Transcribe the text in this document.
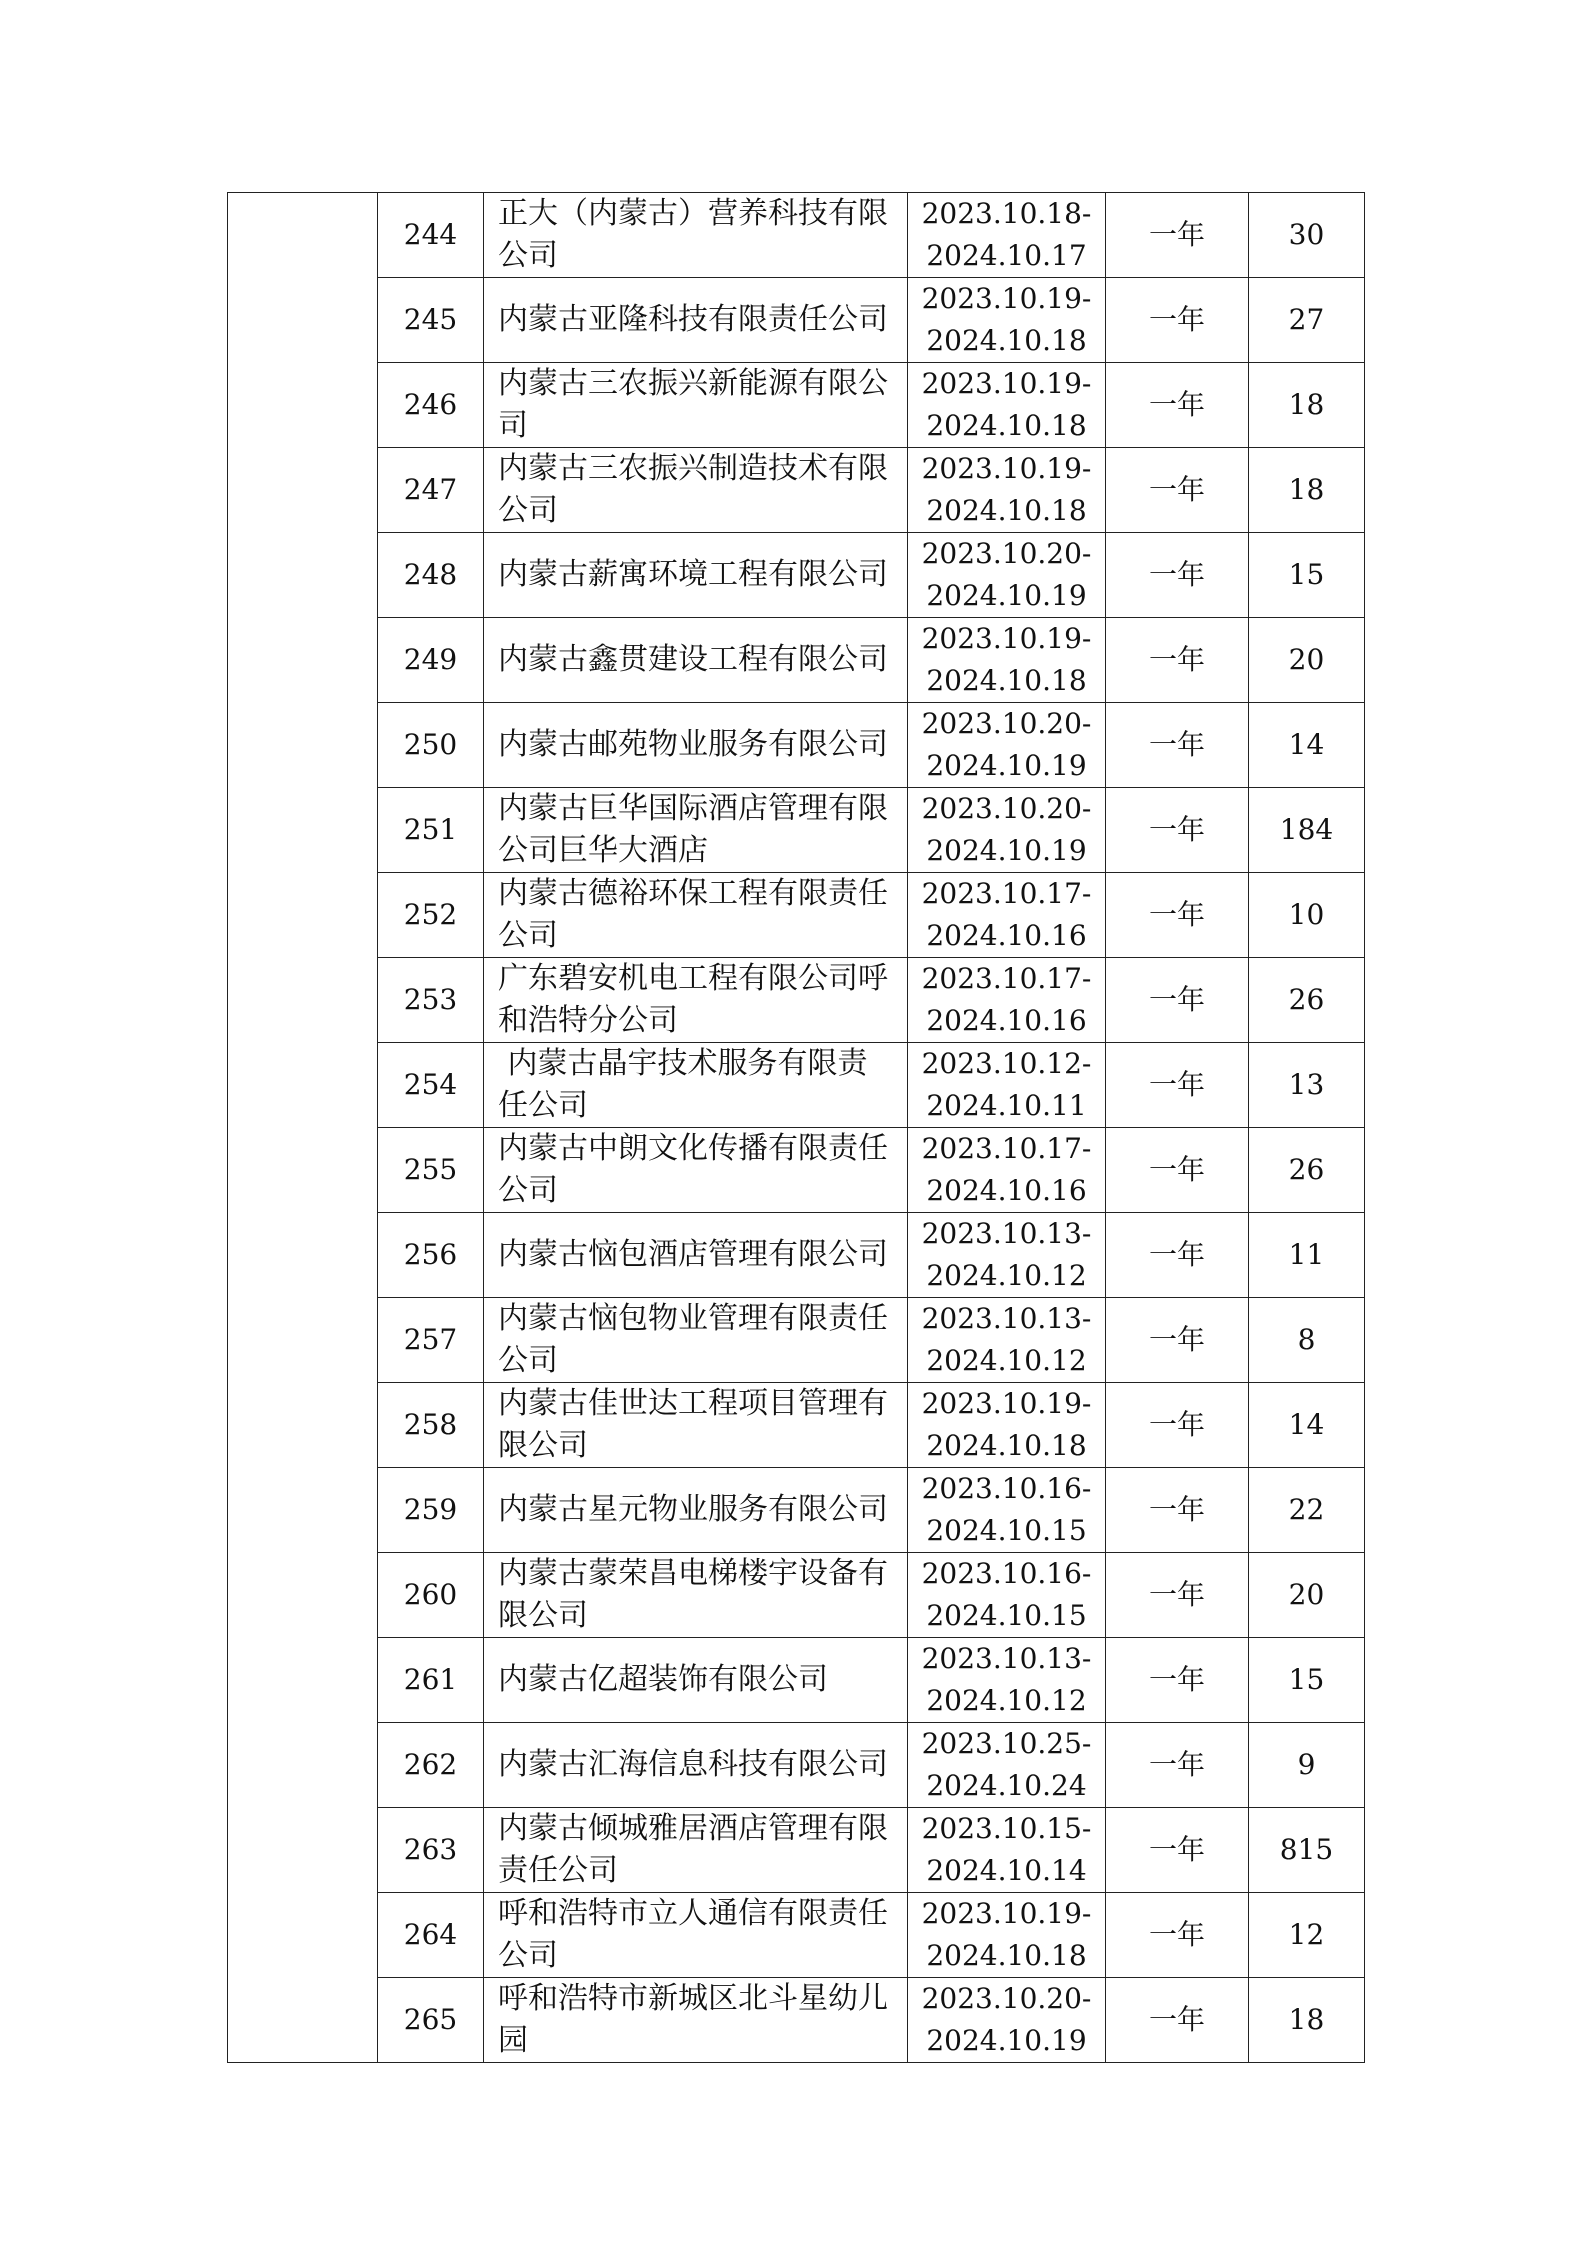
	244	正大（内蒙古）营养科技有限公司	2023.10.18-
2024.10.17	一年	30
	245	内蒙古亚隆科技有限责任公司	2023.10.19-
2024.10.18	一年	27
	246	内蒙古三农振兴新能源有限公司	2023.10.19-
2024.10.18	一年	18
	247	内蒙古三农振兴制造技术有限公司	2023.10.19-
2024.10.18	一年	18
	248	内蒙古薪寓环境工程有限公司	2023.10.20-
2024.10.19	一年	15
	249	内蒙古鑫贯建设工程有限公司	2023.10.19-
2024.10.18	一年	20
	250	内蒙古邮苑物业服务有限公司	2023.10.20-
2024.10.19	一年	14
	251	内蒙古巨华国际酒店管理有限公司巨华大酒店	2023.10.20-
2024.10.19	一年	184
	252	内蒙古德裕环保工程有限责任公司	2023.10.17-
2024.10.16	一年	10
	253	广东碧安机电工程有限公司呼和浩特分公司	2023.10.17-
2024.10.16	一年	26
	254	内蒙古晶宇技术服务有限责任公司	2023.10.12-
2024.10.11	一年	13
	255	内蒙古中朗文化传播有限责任公司	2023.10.17-
2024.10.16	一年	26
	256	内蒙古恼包酒店管理有限公司	2023.10.13-
2024.10.12	一年	11
	257	内蒙古恼包物业管理有限责任公司	2023.10.13-
2024.10.12	一年	8
	258	内蒙古佳世达工程项目管理有限公司	2023.10.19-
2024.10.18	一年	14
	259	内蒙古星元物业服务有限公司	2023.10.16-
2024.10.15	一年	22
	260	内蒙古蒙荣昌电梯楼宇设备有限公司	2023.10.16-
2024.10.15	一年	20
	261	内蒙古亿超装饰有限公司	2023.10.13-
2024.10.12	一年	15
	262	内蒙古汇海信息科技有限公司	2023.10.25-
2024.10.24	一年	9
	263	内蒙古倾城雅居酒店管理有限责任公司	2023.10.15-
2024.10.14	一年	815
	264	呼和浩特市立人通信有限责任公司	2023.10.19-
2024.10.18	一年	12
	265	呼和浩特市新城区北斗星幼儿园	2023.10.20-
2024.10.19	一年	18
